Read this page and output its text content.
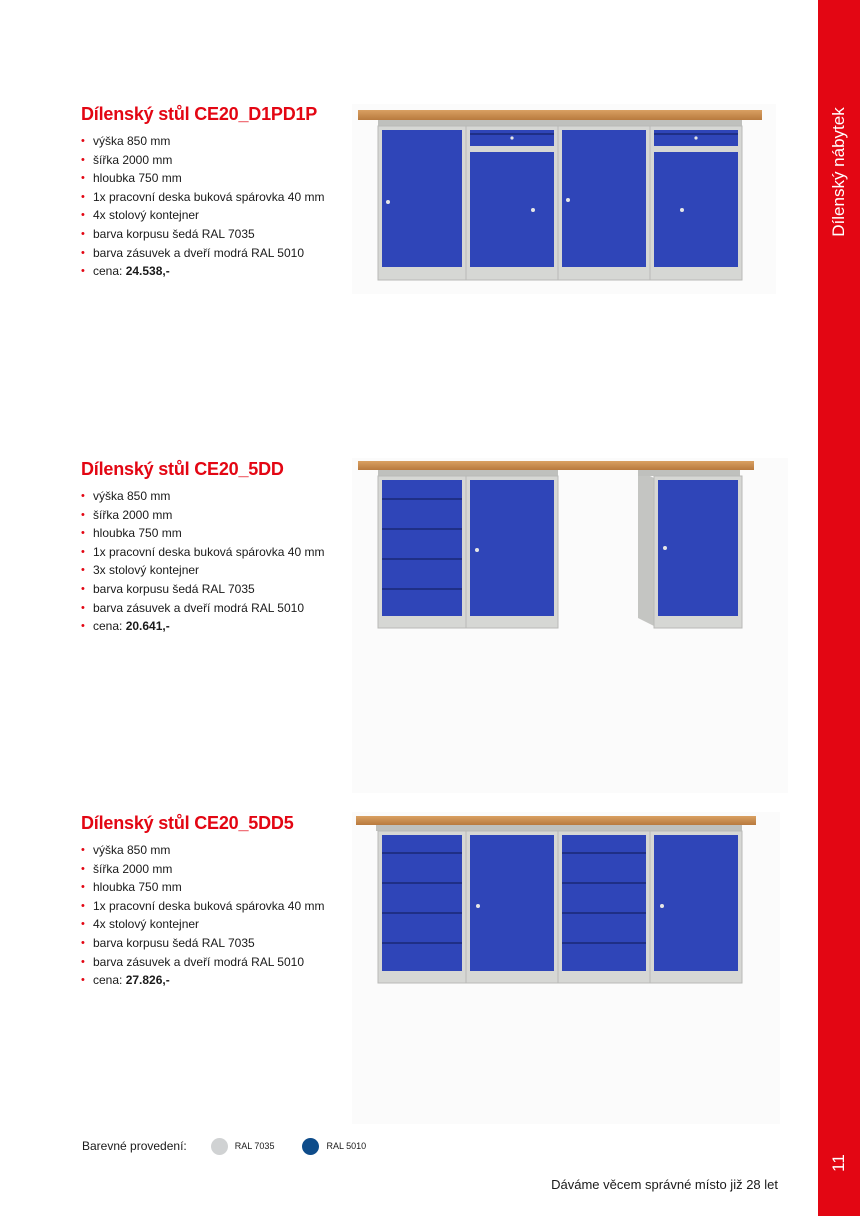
Dílenský nábytek
11
Dílenský stůl CE20_D1PD1P
• výška 850 mm
• šířka 2000 mm
• hloubka 750 mm
• 1x pracovní deska buková spárovka 40 mm
• 4x stolový kontejner
• barva korpusu šedá RAL 7035
• barva zásuvek a dveří modrá RAL 5010
• cena: 24.538,-
Dílenský stůl CE20_5DD
• výška 850 mm
• šířka 2000 mm
• hloubka 750 mm
• 1x pracovní deska buková spárovka 40 mm
• 3x stolový kontejner
• barva korpusu šedá RAL 7035
• barva zásuvek a dveří modrá RAL 5010
• cena: 20.641,-
Dílenský stůl CE20_5DD5
• výška 850 mm
• šířka 2000 mm
• hloubka 750 mm
• 1x pracovní deska buková spárovka 40 mm
• 4x stolový kontejner
• barva korpusu šedá RAL 7035
• barva zásuvek a dveří modrá RAL 5010
• cena: 27.826,-
Barevné provedení:	RAL 7035	RAL 5010
Dáváme věcem správné místo již 28 let
